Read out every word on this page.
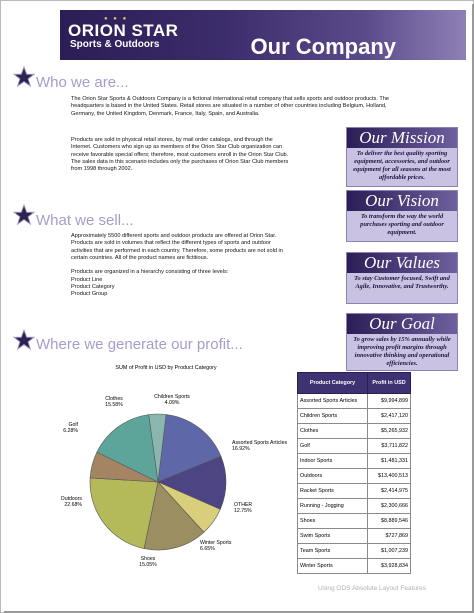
● ● ●
ORION STAR
Sports & Outdoors	Our Company
Who we are...
The Orion Star Sports & Outdoors Company is a fictional international retail company that sells sports and outdoor products. The headquarters is based in the United States. Retail stores are situated in a number of other countries including Belgium, Holland, Germany, the United Kingdom, Denmark, France, Italy, Spain, and Australia.
Products are sold in physical retail stores, by mail order catalogs, and through the Internet. Customers who sign up as members of the Orion Star Club organization can receive favorable special offers; therefore, most customers enroll in the Orion Star Club. The sales data in this scenario includes only the purchases of Orion Star Club members from 1998 through 2002.
What we sell...
Approximately 5500 different sports and outdoor products are offered at Orion Star. Products are sold in volumes that reflect the different types of sports and outdoor activities that are performed in each country. Therefore, some products are not sold in certain countries. All of the product names are fictitious.
Products are organized in a hierarchy consisting of three levels:
Product Line
Product Category
Product Group
Where we generate our profit...
Our Mission
To deliver the best quality sporting equipment, accessories, and outdoor equipment for all seasons at the most affordable prices.
Our Vision
To transform the way the world purchases sporting and outdoor equipment.
Our Values
To stay Customer focused, Swift and Agile, Innovative, and Trustworthy.
Our Goal
To grow sales by 15% annually while improving profit margins through innovative thinking and operational efficiencies.
SUM of Profit in USD by Product Category
Assorted Sports Articles
16.92%
OTHER
12.75%
Winter Sports
6.65%
Shoes
15.05%
Outdoors
22.68%
Golf
6.28%
Clothes
15.58%
Children Sports
4.09%
Product Category	Profit in USD
Assorted Sports Articles	$9,994,899
Children Sports	$2,417,120
Clothes	$5,265,932
Golf	$3,711,822
Indoor Sports	$1,481,331
Outdoors	$13,400,513
Racket Sports	$2,414,975
Running - Jogging	$2,300,666
Shoes	$8,889,546
Swim Sports	$727,869
Team Sports	$1,007,239
Winter Sports	$3,928,834
Using ODS Absolute Layout Features
